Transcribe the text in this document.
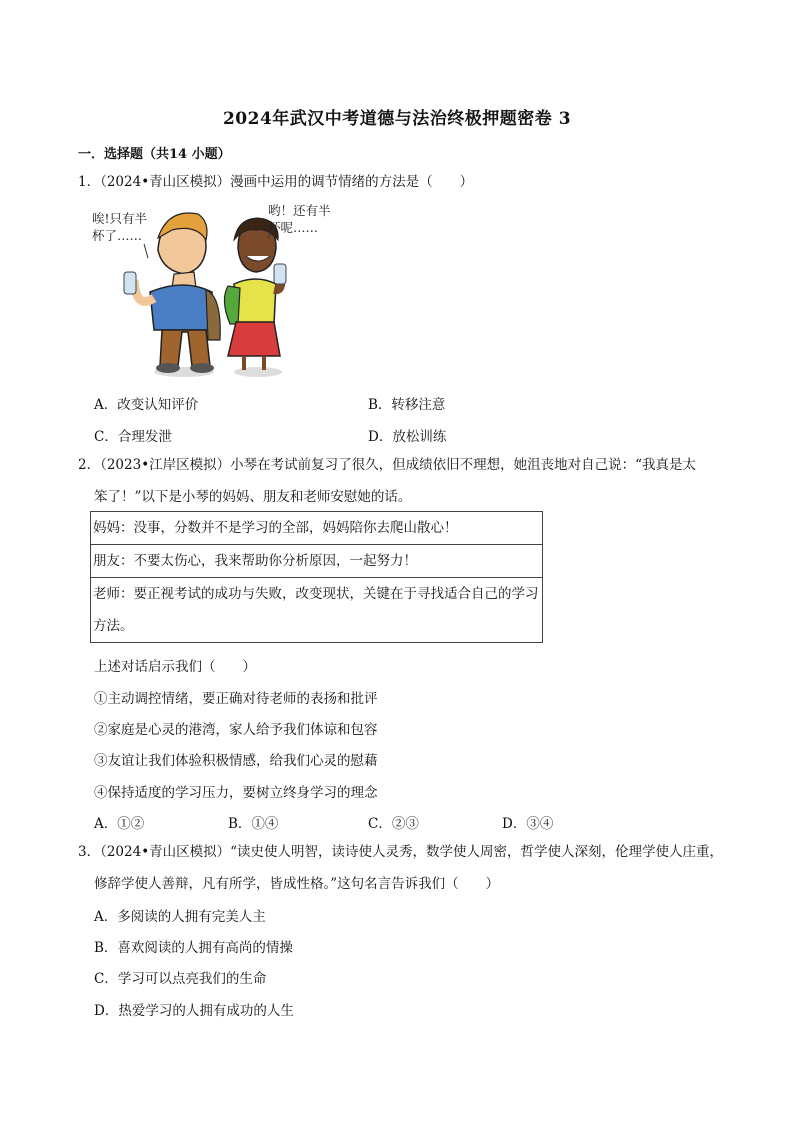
2024年武汉中考道德与法治终极押题密卷 3
一．选择题（共14 小题）
1．（2024•青山区模拟）漫画中运用的调节情绪的方法是（　　）
唉!只有半
杯了……
哟！还有半
杯呢……
A．改变认知评价	B．转移注意
C．合理发泄	D．放松训练
2．（2023•江岸区模拟）小琴在考试前复习了很久，但成绩依旧不理想，她沮丧地对自己说：“我真是太
笨了！”以下是小琴的妈妈、朋友和老师安慰她的话。
妈妈：没事，分数并不是学习的全部，妈妈陪你去爬山散心！
朋友：不要太伤心，我来帮助你分析原因，一起努力！
老师：要正视考试的成功与失败，改变现状，关键在于寻找适合自己的学习方法。
上述对话启示我们（　　）
①主动调控情绪，要正确对待老师的表扬和批评
②家庭是心灵的港湾，家人给予我们体谅和包容
③友谊让我们体验积极情感，给我们心灵的慰藉
④保持适度的学习压力，要树立终身学习的理念
A．①②	B．①④	C．②③	D．③④
3．（2024•青山区模拟）“读史使人明智，读诗使人灵秀，数学使人周密，哲学使人深刻，伦理学使人庄重，
修辞学使人善辩，凡有所学，皆成性格。”这句名言告诉我们（　　）
A．多阅读的人拥有完美人主
B．喜欢阅读的人拥有高尚的情操
C．学习可以点亮我们的生命
D．热爱学习的人拥有成功的人生
